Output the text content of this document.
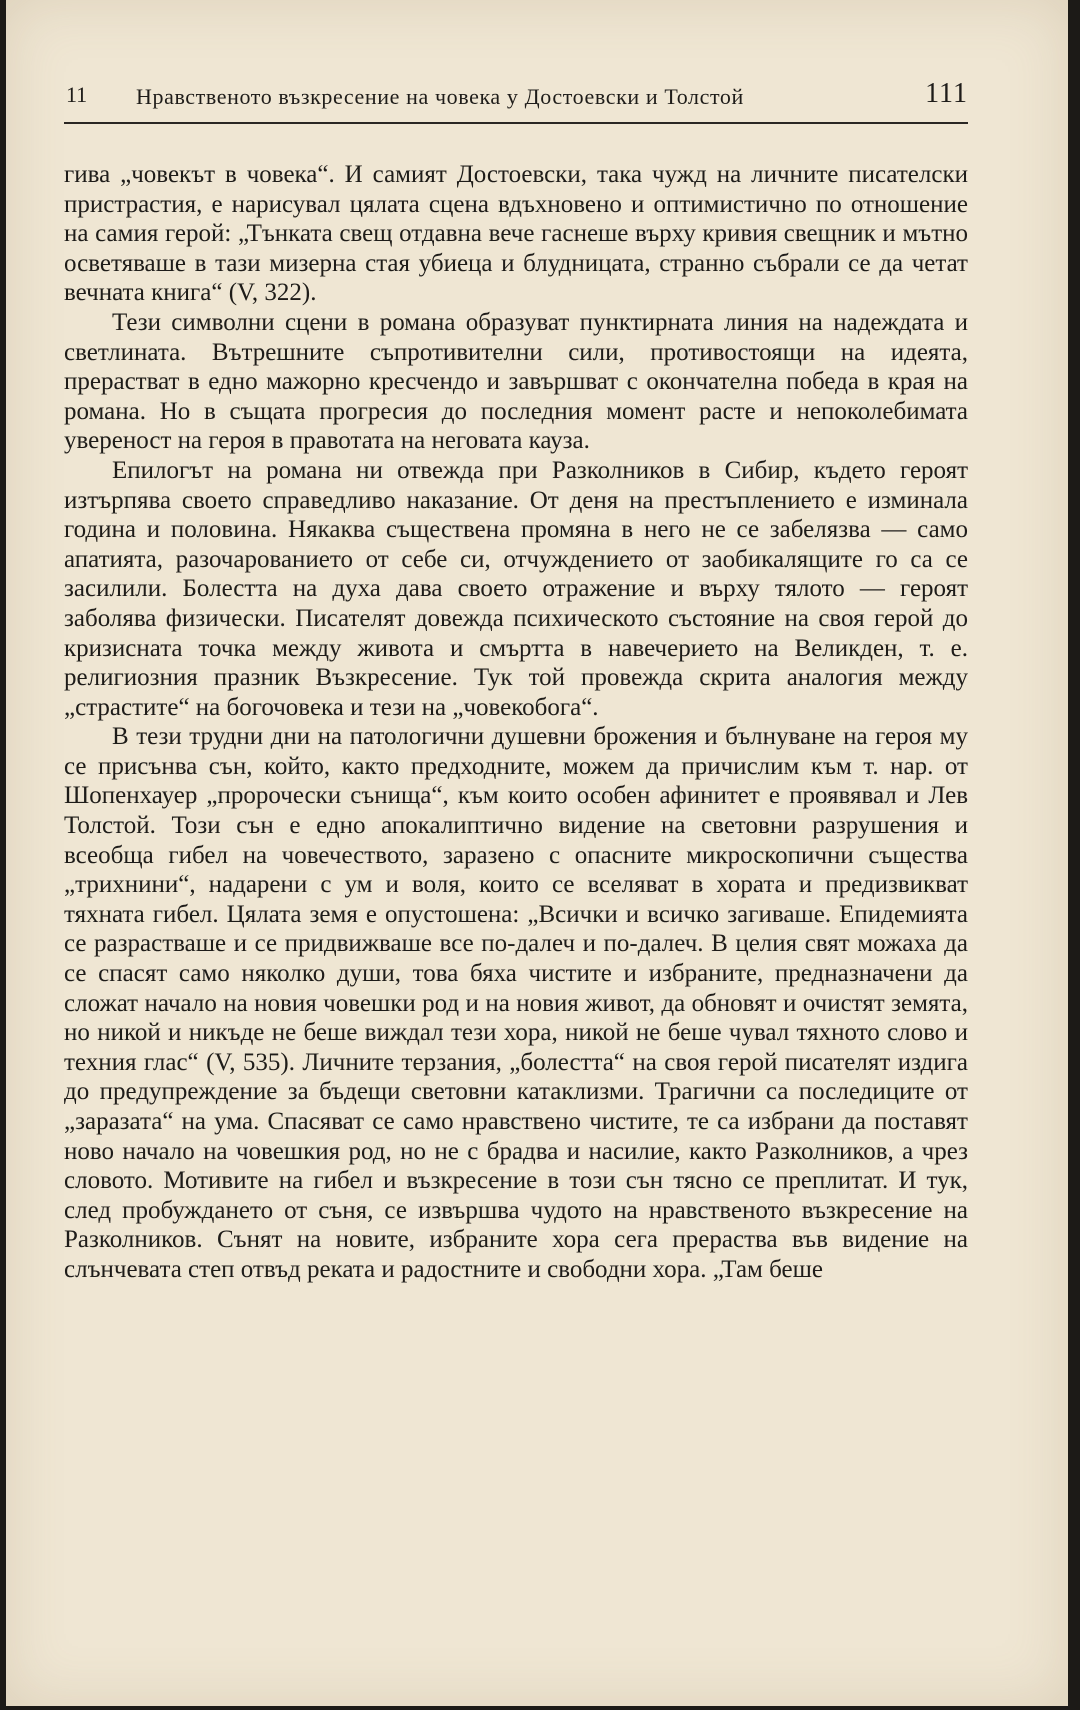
11 Нравственото възкресение на човека у Достоевски и Толстой	111

гива „човекът в човека“. И самият Достоевски, така чужд на личните писателски пристрастия, е нарисувал цялата сцена вдъхновено и оптимистично по отношение на самия герой: „Тънката свещ отдавна вече гаснеше върху кривия свещник и мътно осветяваше в тази мизерна стая убиеца и блудницата, странно събрали се да четат вечната книга“ (V, 322).

Тези символни сцени в романа образуват пунктирната линия на надеждата и светлината. Вътрешните съпротивителни сили, противостоящи на идеята, прерастват в едно мажорно кресчендо и завършват с окончателна победа в края на романа. Но в същата прогресия до последния момент расте и непоколебимата увереност на героя в правотата на неговата кауза.

Епилогът на романа ни отвежда при Разколников в Сибир, където героят изтърпява своето справедливо наказание. От деня на престъплението е изминала година и половина. Някаква съществена промяна в него не се забелязва — само апатията, разочарованието от себе си, отчуждението от заобикалящите го са се засилили. Болестта на духа дава своето отражение и върху тялото — героят заболява физически. Писателят довежда психическото състояние на своя герой до кризисната точка между живота и смъртта в навечерието на Великден, т. е. религиозния празник Възкресение. Тук той провежда скрита аналогия между „страстите“ на богочовека и тези на „човекобога“.

В тези трудни дни на патологични душевни брожения и бълнуване на героя му се присънва сън, който, както предходните, можем да причислим към т. нар. от Шопенхауер „пророчески сънища“, към които особен афинитет е проявявал и Лев Толстой. Този сън е едно апокалиптично видение на световни разрушения и всеобща гибел на човечеството, заразено с опасните микроскопични същества „трихнини“, надарени с ум и воля, които се вселяват в хората и предизвикват тяхната гибел. Цялата земя е опустошена: „Всички и всичко загиваше. Епидемията се разрастваше и се придвижваше все по-далеч и по-далеч. В целия свят можаха да се спасят само няколко души, това бяха чистите и избраните, предназначени да сложат начало на новия човешки род и на новия живот, да обновят и очистят земята, но никой и никъде не беше виждал тези хора, никой не беше чувал тяхното слово и техния глас“ (V, 535). Личните терзания, „болестта“ на своя герой писателят издига до предупреждение за бъдещи световни катаклизми. Трагични са последиците от „заразата“ на ума. Спасяват се само нравствено чистите, те са избрани да поставят ново начало на човешкия род, но не с брадва и насилие, както Разколников, а чрез словото. Мотивите на гибел и възкресение в този сън тясно се преплитат. И тук, след пробуждането от съня, се извършва чудото на нравственото възкресение на Разколников. Сънят на новите, избраните хора сега прераства във видение на слънчевата степ отвъд реката и радостните и свободни хора. „Там беше
